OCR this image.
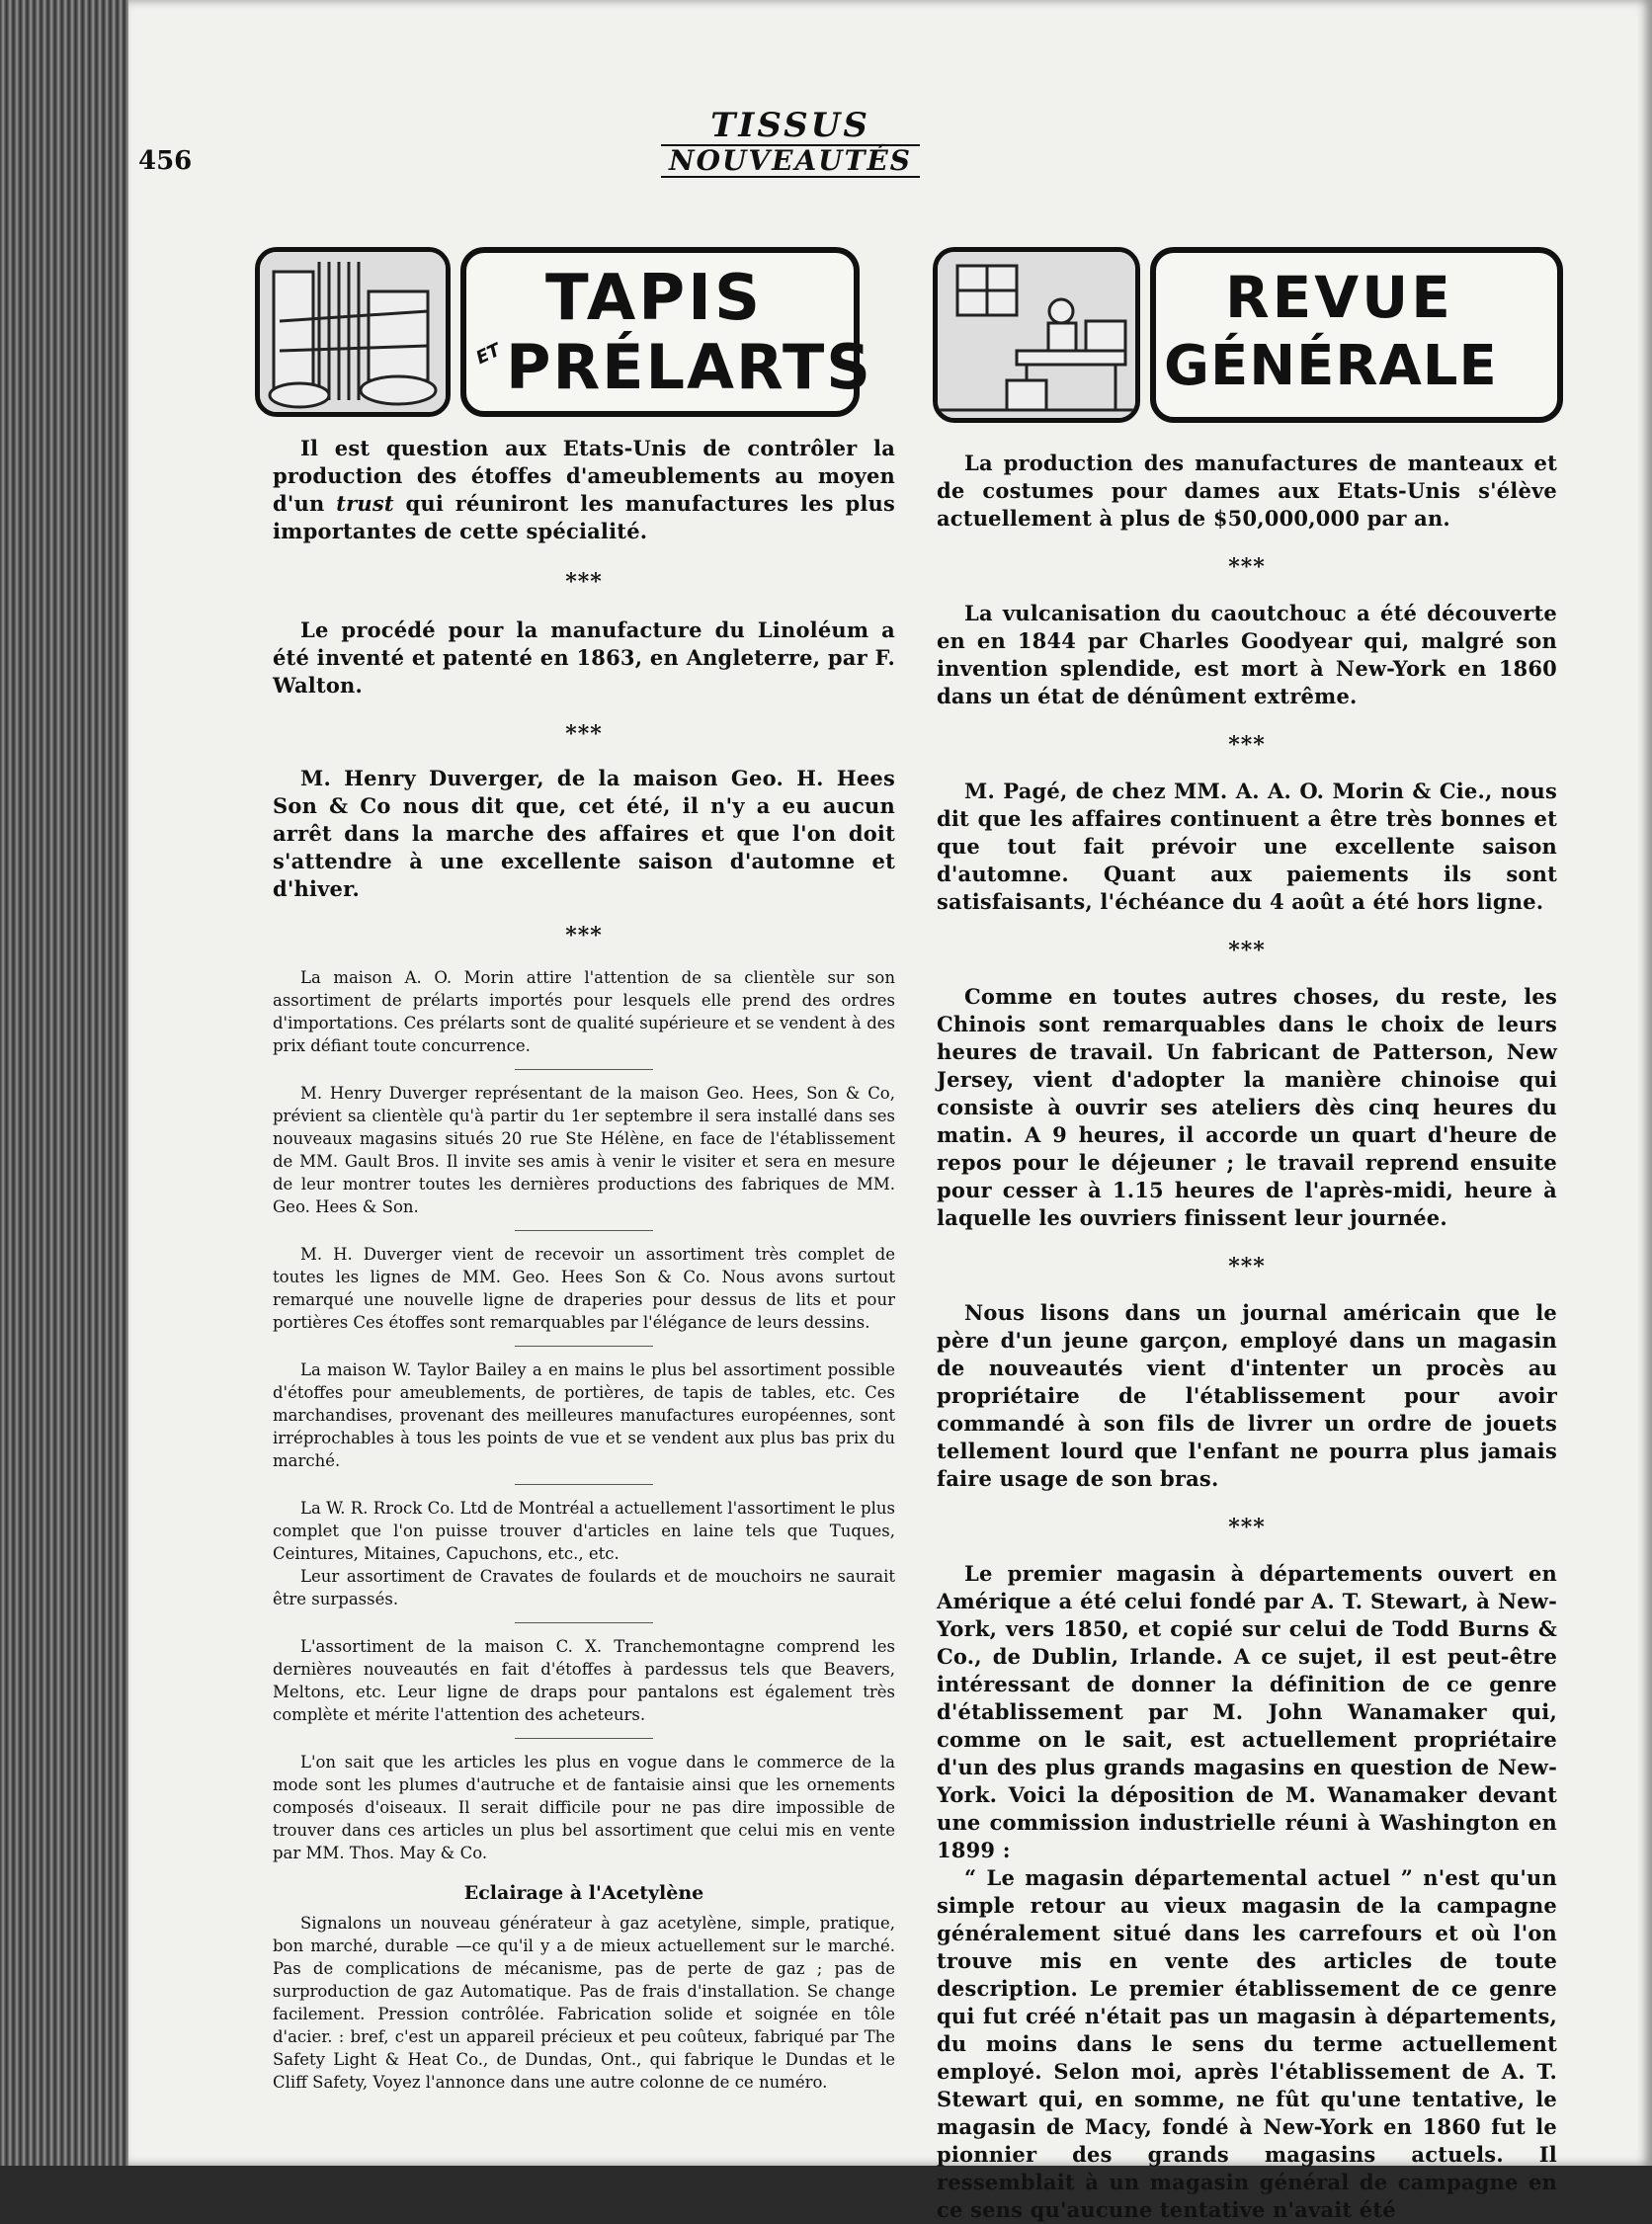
456
TISSUS
NOUVEAUTÉS
TAPIS
ET PRÉLARTS
REVUE
GÉNÉRALE

Il est question aux Etats-Unis de contrôler la production des étoffes d'ameublements au moyen d'un trust qui réuniront les manufactures les plus importantes de cette spécialité.

***

Le procédé pour la manufacture du Linoléum a été inventé et patenté en 1863, en Angleterre, par F. Walton.

***

M. Henry Duverger, de la maison Geo. H. Hees Son & Co nous dit que, cet été, il n'y a eu aucun arrêt dans la marche des affaires et que l'on doit s'attendre à une excellente saison d'automne et d'hiver.

***

La maison A. O. Morin attire l'attention de sa clientèle sur son assortiment de prélarts importés pour lesquels elle prend des ordres d'importations. Ces prélarts sont de qualité supérieure et se vendent à des prix défiant toute concurrence.

M. Henry Duverger représentant de la maison Geo. Hees, Son & Co, prévient sa clientèle qu'à partir du 1er septembre il sera installé dans ses nouveaux magasins situés 20 rue Ste Hélène, en face de l'établissement de MM. Gault Bros. Il invite ses amis à venir le visiter et sera en mesure de leur montrer toutes les dernières productions des fabriques de MM. Geo. Hees & Son.

M. H. Duverger vient de recevoir un assortiment très complet de toutes les lignes de MM. Geo. Hees Son & Co. Nous avons surtout remarqué une nouvelle ligne de draperies pour dessus de lits et pour portières Ces étoffes sont remarquables par l'élégance de leurs dessins.

La maison W. Taylor Bailey a en mains le plus bel assortiment possible d'étoffes pour ameublements, de portières, de tapis de tables, etc. Ces marchandises, provenant des meilleures manufactures européennes, sont irréprochables à tous les points de vue et se vendent aux plus bas prix du marché.

La W. R. Rrock Co. Ltd de Montréal a actuellement l'assortiment le plus complet que l'on puisse trouver d'articles en laine tels que Tuques, Ceintures, Mitaines, Capuchons, etc., etc.

Leur assortiment de Cravates de foulards et de mouchoirs ne saurait être surpassés.

L'assortiment de la maison C. X. Tranchemontagne comprend les dernières nouveautés en fait d'étoffes à pardessus tels que Beavers, Meltons, etc. Leur ligne de draps pour pantalons est également très complète et mérite l'attention des acheteurs.

L'on sait que les articles les plus en vogue dans le commerce de la mode sont les plumes d'autruche et de fantaisie ainsi que les ornements composés d'oiseaux. Il serait difficile pour ne pas dire impossible de trouver dans ces articles un plus bel assortiment que celui mis en vente par MM. Thos. May & Co.

Eclairage à l'Acetylène

Signalons un nouveau générateur à gaz acetylène, simple, pratique, bon marché, durable —ce qu'il y a de mieux actuellement sur le marché. Pas de complications de mécanisme, pas de perte de gaz ; pas de surproduction de gaz Automatique. Pas de frais d'installation. Se change facilement. Pression contrôlée. Fabrication solide et soignée en tôle d'acier. : bref, c'est un appareil précieux et peu coûteux, fabriqué par The Safety Light & Heat Co., de Dundas, Ont., qui fabrique le Dundas et le Cliff Safety, Voyez l'annonce dans une autre colonne de ce numéro.

La production des manufactures de manteaux et de costumes pour dames aux Etats-Unis s'élève actuellement à plus de $50,000,000 par an.

***

La vulcanisation du caoutchouc a été découverte en en 1844 par Charles Goodyear qui, malgré son invention splendide, est mort à New-York en 1860 dans un état de dénûment extrême.

***

M. Pagé, de chez MM. A. A. O. Morin & Cie., nous dit que les affaires continuent a être très bonnes et que tout fait prévoir une excellente saison d'automne. Quant aux paiements ils sont satisfaisants, l'échéance du 4 août a été hors ligne.

***

Comme en toutes autres choses, du reste, les Chinois sont remarquables dans le choix de leurs heures de travail. Un fabricant de Patterson, New Jersey, vient d'adopter la manière chinoise qui consiste à ouvrir ses ateliers dès cinq heures du matin. A 9 heures, il accorde un quart d'heure de repos pour le déjeuner ; le travail reprend ensuite pour cesser à 1.15 heures de l'après-midi, heure à laquelle les ouvriers finissent leur journée.

***

Nous lisons dans un journal américain que le père d'un jeune garçon, employé dans un magasin de nouveautés vient d'intenter un procès au propriétaire de l'établissement pour avoir commandé à son fils de livrer un ordre de jouets tellement lourd que l'enfant ne pourra plus jamais faire usage de son bras.

***

Le premier magasin à départements ouvert en Amérique a été celui fondé par A. T. Stewart, à New-York, vers 1850, et copié sur celui de Todd Burns & Co., de Dublin, Irlande. A ce sujet, il est peut-être intéressant de donner la définition de ce genre d'établissement par M. John Wanamaker qui, comme on le sait, est actuellement propriétaire d'un des plus grands magasins en question de New-York. Voici la déposition de M. Wanamaker devant une commission industrielle réuni à Washington en 1899 :

“ Le magasin départemental actuel ” n'est qu'un simple retour au vieux magasin de la campagne généralement situé dans les carrefours et où l'on trouve mis en vente des articles de toute description. Le premier établissement de ce genre qui fut créé n'était pas un magasin à départements, du moins dans le sens du terme actuellement employé. Selon moi, après l'établissement de A. T. Stewart qui, en somme, ne fût qu'une tentative, le magasin de Macy, fondé à New-York en 1860 fut le pionnier des grands magasins actuels. Il ressemblait à un magasin général de campagne en ce sens qu'aucune tentative n'avait été
